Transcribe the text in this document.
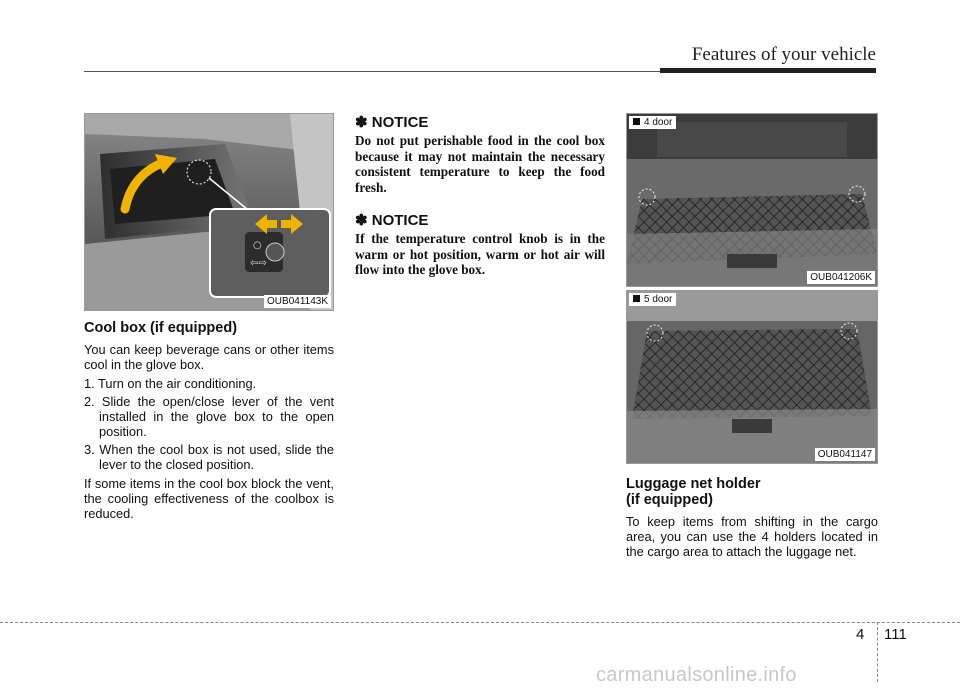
Features of your vehicle
○
⇦⇨
OUB041143K
Cool box (if equipped)

You can keep beverage cans or other items cool in the glove box.

1. Turn on the air conditioning.
2. Slide the open/close lever of the vent installed in the glove box to the open position.
3. When the cool box is not used, slide the lever to the closed position.

If some items in the cool box block the vent, the cooling effectiveness of the coolbox is reduced.

✽ NOTICE
Do not put perishable food in the cool box because it may not maintain the necessary consistent temperature to keep the food fresh.
✽ NOTICE
If the temperature control knob is in the warm or hot position, warm or hot air will flow into the glove box.
4 door
OUB041206K
5 door
OUB041147
Luggage net holder
(if equipped)

To keep items from shifting in the cargo area, you can use the 4 holders located in the cargo area to attach the luggage net.

4 111
carmanualsonline.info
